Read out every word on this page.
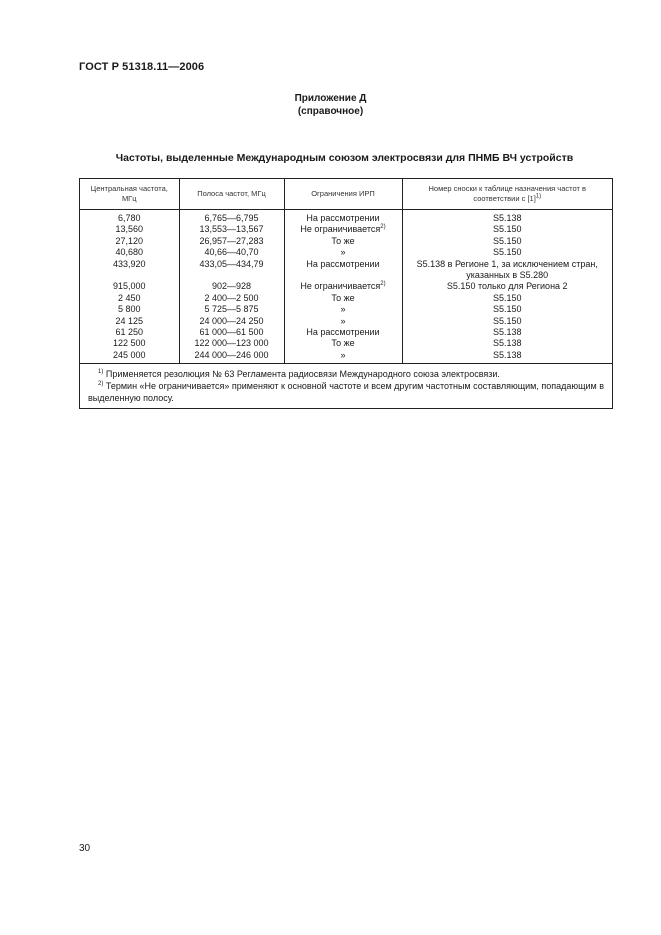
ГОСТ Р 51318.11—2006
Приложение Д
(справочное)
Частоты, выделенные Международным союзом электросвязи для ПНМБ ВЧ устройств
Центральная частота, МГц	Полоса частот, МГц	Ограничения ИРП	Номер сноски к таблице назначения частот в соответствии с $[1]^{1)}$
6,780	6,765—6,795	На рассмотрении	S5.138
13,560	13,553—13,567	Не ограничивается$^{2)}$	S5.150
27,120	26,957—27,283	То же	S5.150
40,680	40,66—40,70	»	S5.150
433,920	433,05—434,79	На рассмотрении	S5.138 в Регионе 1, за исключением стран, указанных в S5.280
915,000	902—928	Не ограничивается$^{2)}$	S5.150 только для Региона 2
2 450	2 400—2 500	То же	S5.150
5 800	5 725—5 875	»	S5.150
24 125	24 000—24 250	»	S5.150
61 250	61 000—61 500	На рассмотрении	S5.138
122 500	122 000—123 000	То же	S5.138
245 000	244 000—246 000	»	S5.138
$^{1)}$ Применяется резолюция № 63 Регламента радиосвязи Международного союза электросвязи.
$^{2)}$ Термин «Не ограничивается» применяют к основной частоте и всем другим частотным составляющим, попадающим в выделенную полосу.
30
